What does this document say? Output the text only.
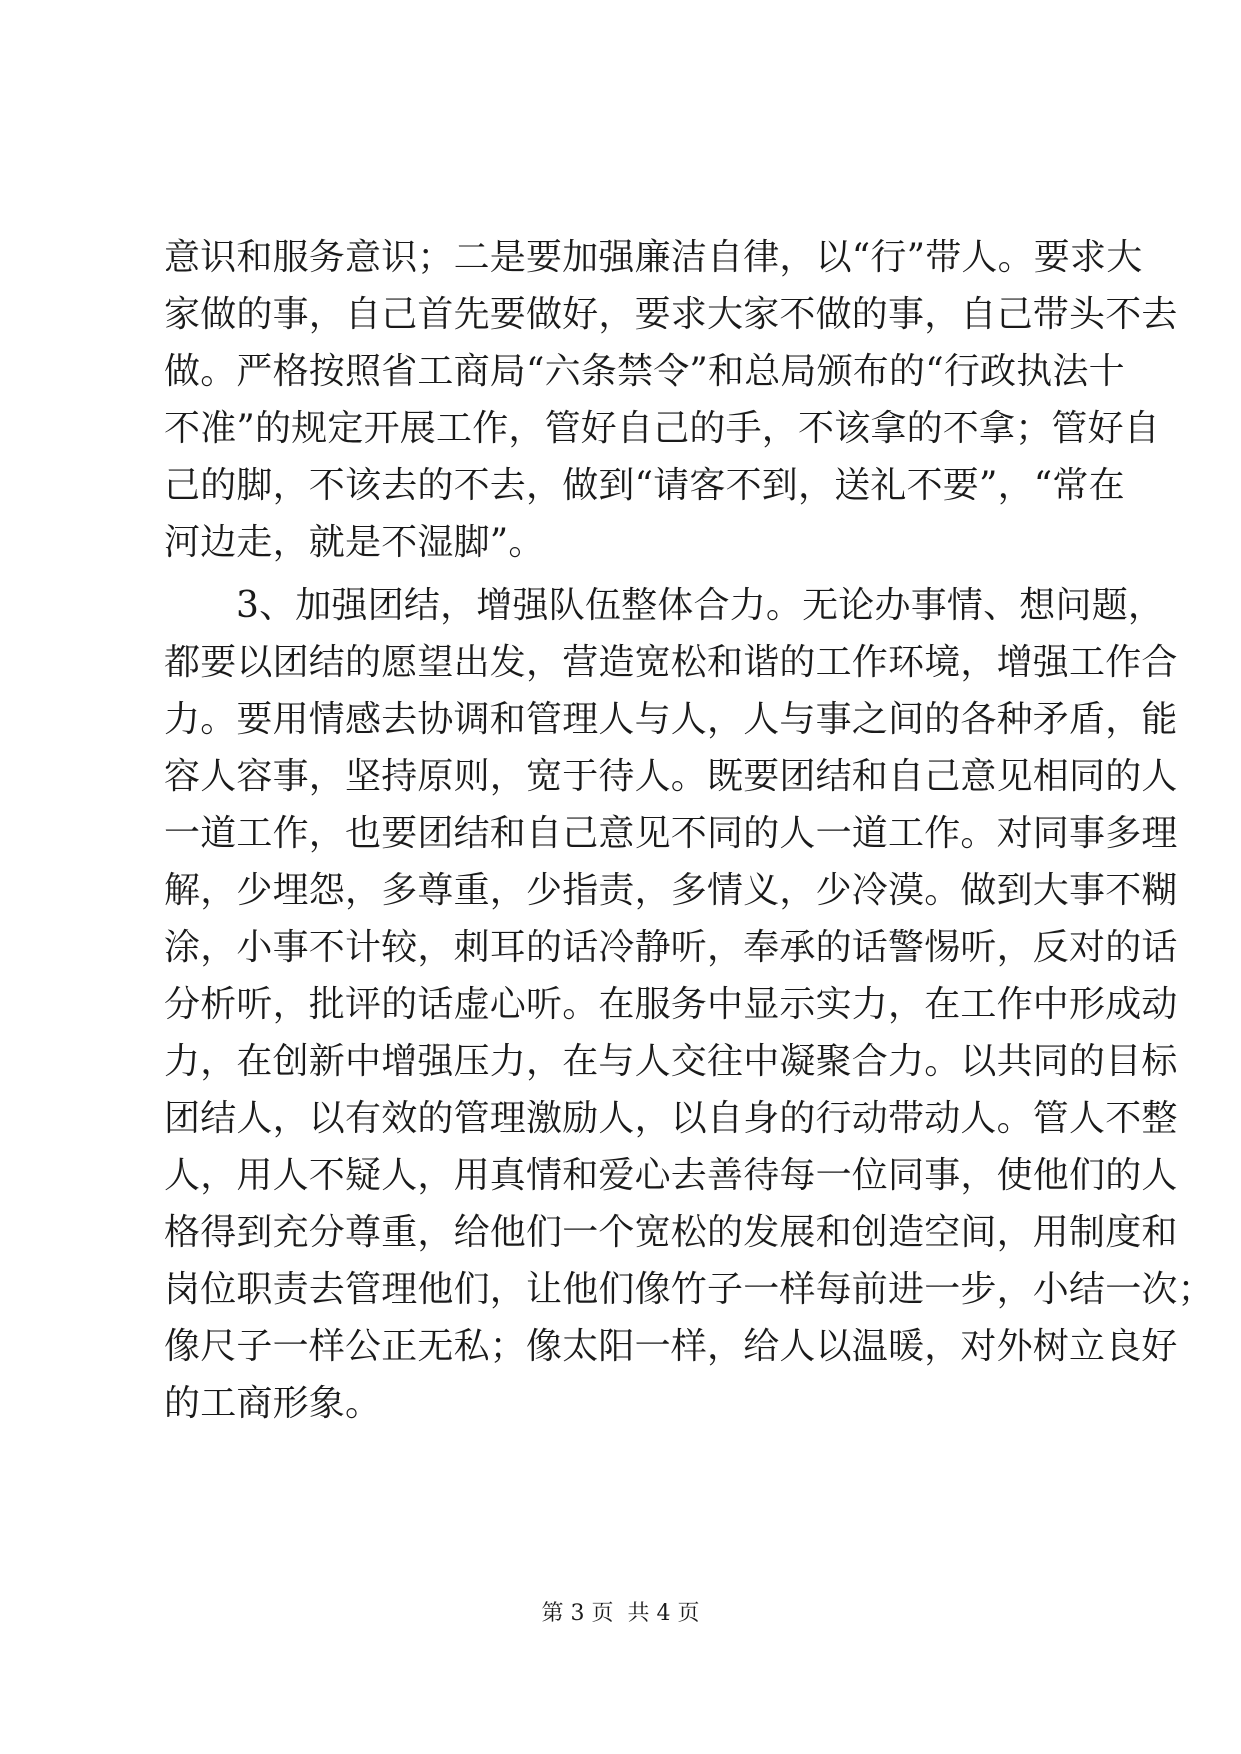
意识和服务意识；二是要加强廉洁自律，以“行”带人。要求大
家做的事，自己首先要做好，要求大家不做的事，自己带头不去
做。严格按照省工商局“六条禁令”和总局颁布的“行政执法十
不准”的规定开展工作，管好自己的手，不该拿的不拿；管好自
己的脚，不该去的不去，做到“请客不到，送礼不要”，“常在
河边走，就是不湿脚”。
3、加强团结，增强队伍整体合力。无论办事情、想问题，
都要以团结的愿望出发，营造宽松和谐的工作环境，增强工作合
力。要用情感去协调和管理人与人，人与事之间的各种矛盾，能
容人容事，坚持原则，宽于待人。既要团结和自己意见相同的人
一道工作，也要团结和自己意见不同的人一道工作。对同事多理
解，少埋怨，多尊重，少指责，多情义，少冷漠。做到大事不糊
涂，小事不计较，刺耳的话冷静听，奉承的话警惕听，反对的话
分析听，批评的话虚心听。在服务中显示实力，在工作中形成动
力，在创新中增强压力，在与人交往中凝聚合力。以共同的目标
团结人，以有效的管理激励人，以自身的行动带动人。管人不整
人，用人不疑人，用真情和爱心去善待每一位同事，使他们的人
格得到充分尊重，给他们一个宽松的发展和创造空间，用制度和
岗位职责去管理他们，让他们像竹子一样每前进一步，小结一次；
像尺子一样公正无私；像太阳一样，给人以温暖，对外树立良好
的工商形象。
第 3 页  共 4 页
